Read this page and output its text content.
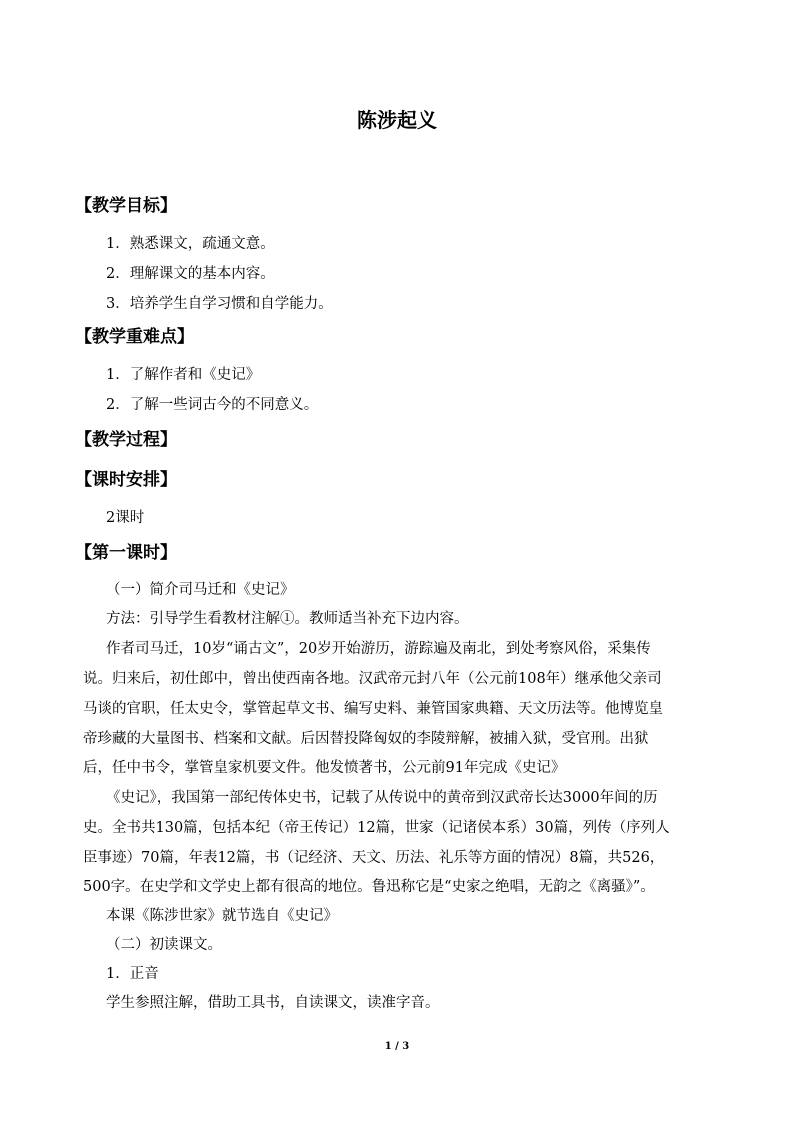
陈涉起义
【教学目标】
1．熟悉课文，疏通文意。
2．理解课文的基本内容。
3．培养学生自学习惯和自学能力。
【教学重难点】
1．了解作者和《史记》
2．了解一些词古今的不同意义。
【教学过程】
【课时安排】
2课时
【第一课时】
（一）简介司马迁和《史记》
方法：引导学生看教材注解①。教师适当补充下边内容。
作者司马迁，10岁“诵古文”，20岁开始游历，游踪遍及南北，到处考察风俗，采集传
说。归来后，初仕郎中，曾出使西南各地。汉武帝元封八年（公元前108年）继承他父亲司
马谈的官职，任太史令，掌管起草文书、编写史料、兼管国家典籍、天文历法等。他博览皇
帝珍藏的大量图书、档案和文献。后因替投降匈奴的李陵辩解，被捕入狱，受官刑。出狱
后，任中书令，掌管皇家机要文件。他发愤著书，公元前91年完成《史记》
《史记》，我国第一部纪传体史书，记载了从传说中的黄帝到汉武帝长达3000年间的历
史。全书共130篇，包括本纪（帝王传记）12篇，世家（记诸侯本系）30篇，列传（序列人
臣事迹）70篇，年表12篇，书（记经济、天文、历法、礼乐等方面的情况）8篇，共526，
500字。在史学和文学史上都有很高的地位。鲁迅称它是“史家之绝唱，无韵之《离骚》”。
本课《陈涉世家》就节选自《史记》
（二）初读课文。
1．正音
学生参照注解，借助工具书，自读课文，读准字音。
1 / 3
